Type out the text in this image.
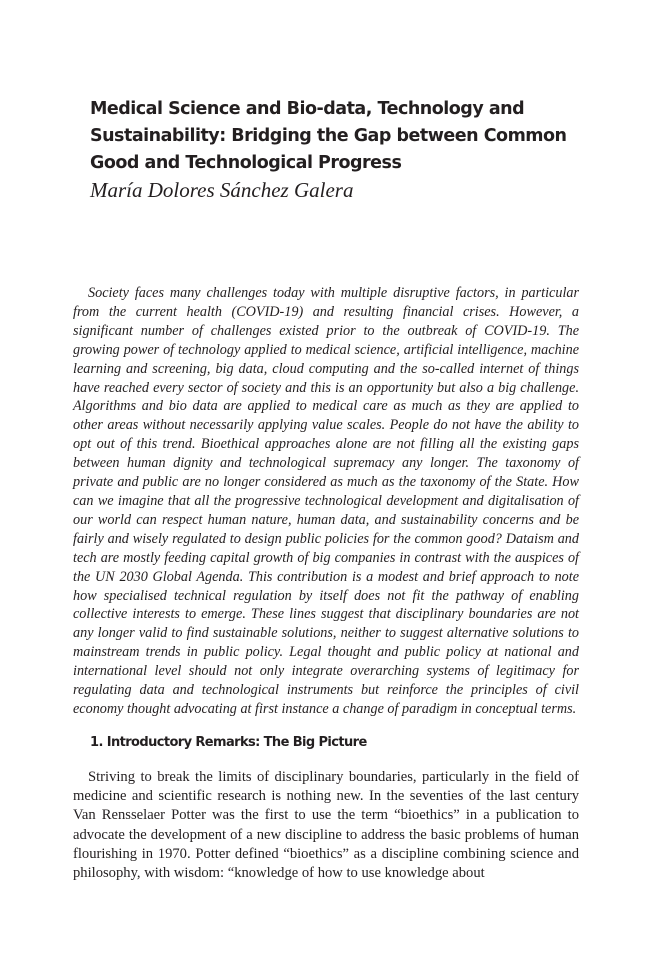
Medical Science and Bio-data, Technology and Sustainability: Bridging the Gap between Common Good and Technological Progress

María Dolores Sánchez Galera

Society faces many challenges today with multiple disruptive factors, in particular from the current health (COVID-19) and resulting financial crises. However, a significant number of challenges existed prior to the outbreak of COVID-19. The growing power of technology applied to medical science, artificial intelligence, machine learning and screening, big data, cloud computing and the so-called internet of things have reached every sector of society and this is an opportunity but also a big challenge. Algorithms and bio data are applied to medical care as much as they are applied to other areas without necessarily applying value scales. People do not have the ability to opt out of this trend. Bioethical approaches alone are not filling all the existing gaps between human dignity and technological supremacy any longer. The taxonomy of private and public are no longer considered as much as the taxonomy of the State. How can we imagine that all the progressive technological development and digitalisation of our world can respect human nature, human data, and sustainability concerns and be fairly and wisely regulated to design public policies for the common good? Dataism and tech are mostly feeding capital growth of big companies in contrast with the auspices of the UN 2030 Global Agenda. This contribution is a modest and brief approach to note how specialised technical regulation by itself does not fit the pathway of enabling collective interests to emerge. These lines suggest that disciplinary boundaries are not any longer valid to find sustainable solutions, neither to suggest alternative solutions to mainstream trends in public policy. Legal thought and public policy at national and international level should not only integrate overarching systems of legitimacy for regulating data and technological instruments but reinforce the principles of civil economy thought advocating at first instance a change of paradigm in conceptual terms.

1. Introductory Remarks: The Big Picture

Striving to break the limits of disciplinary boundaries, particularly in the field of medicine and scientific research is nothing new. In the seventies of the last century Van Rensselaer Potter was the first to use the term “bioethics” in a publication to advocate the development of a new discipline to address the basic problems of human flourishing in 1970. Potter defined “bioethics” as a discipline combining science and philosophy, with wisdom: “knowledge of how to use knowledge about
